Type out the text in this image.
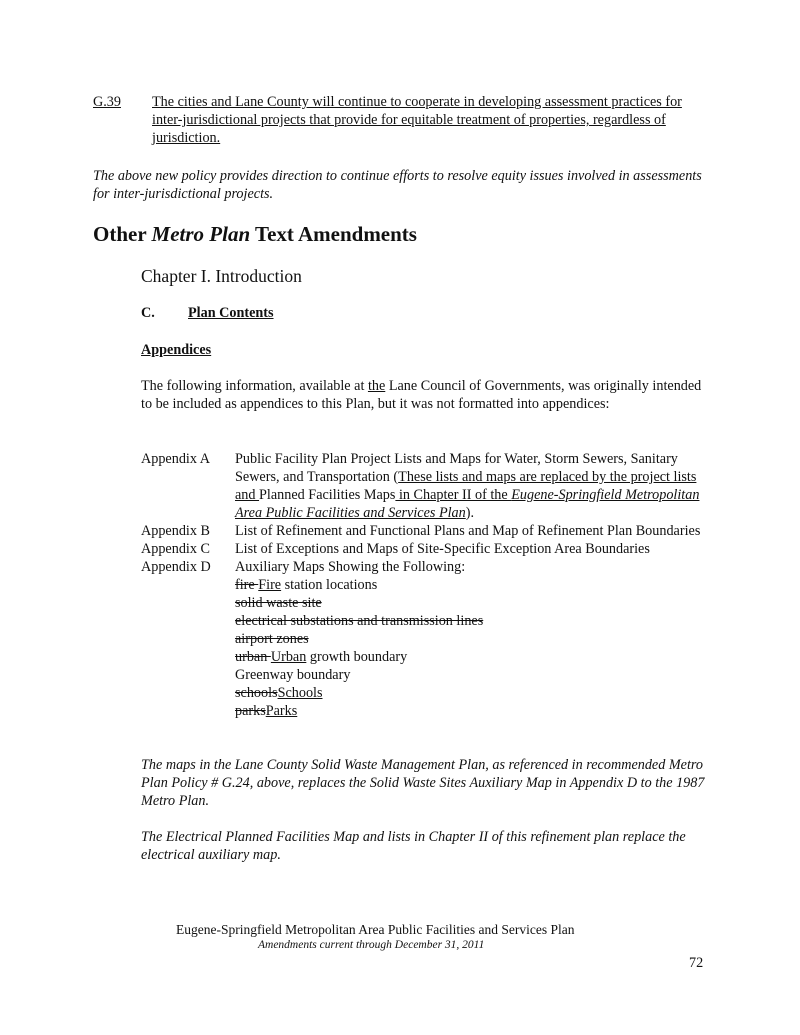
G.39	The cities and Lane County will continue to cooperate in developing assessment practices for inter-jurisdictional projects that provide for equitable treatment of properties, regardless of jurisdiction.
The above new policy provides direction to continue efforts to resolve equity issues involved in assessments for inter-jurisdictional projects.
Other Metro Plan Text Amendments
Chapter I. Introduction
C. Plan Contents
Appendices
The following information, available at the Lane Council of Governments, was originally intended to be included as appendices to this Plan, but it was not formatted into appendices:
Appendix A	Public Facility Plan Project Lists and Maps for Water, Storm Sewers, Sanitary Sewers, and Transportation (These lists and maps are replaced by the project lists and Planned Facilities Maps in Chapter II of the Eugene-Springfield Metropolitan Area Public Facilities and Services Plan).
Appendix B	List of Refinement and Functional Plans and Map of Refinement Plan Boundaries
Appendix C	List of Exceptions and Maps of Site-Specific Exception Area Boundaries
Appendix D	Auxiliary Maps Showing the Following:
fire Fire station locations
solid waste site
electrical substations and transmission lines
airport zones
urban Urban growth boundary
Greenway boundary
schoolsSchools
parksParks
The maps in the Lane County Solid Waste Management Plan, as referenced in recommended Metro Plan Policy # G.24, above, replaces the Solid Waste Sites Auxiliary Map in Appendix D to the 1987 Metro Plan.
The Electrical Planned Facilities Map and lists in Chapter II of this refinement plan replace the electrical auxiliary map.
Eugene-Springfield Metropolitan Area Public Facilities and Services Plan
Amendments current through December 31, 2011
72
